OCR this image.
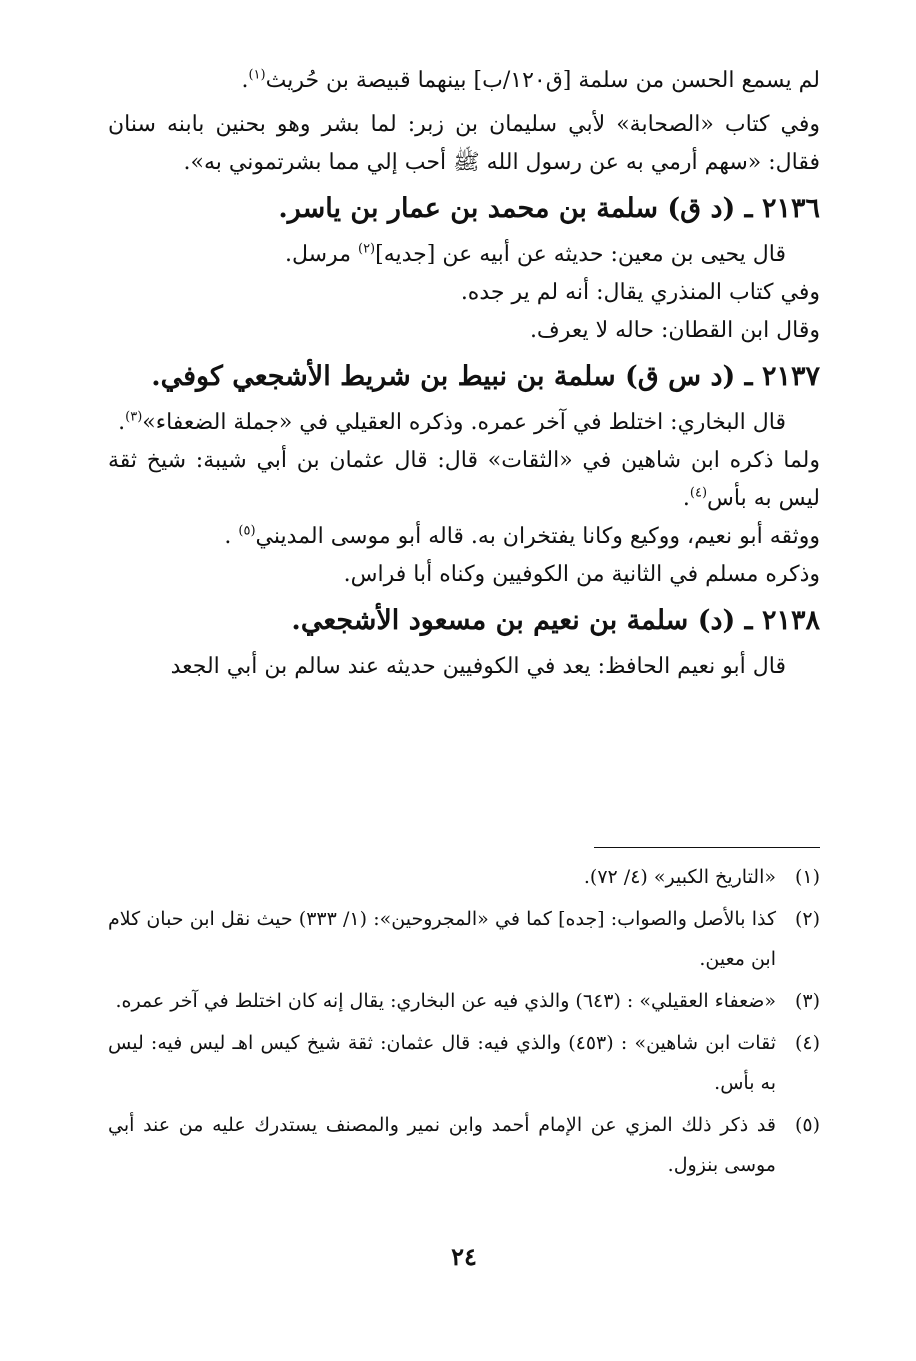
لم يسمع الحسن من سلمة [ق١٢٠/ب] بينهما قبيصة بن حُريث$^{(١)}$.

وفي كتاب «الصحابة» لأبي سليمان بن زبر: لما بشر وهو بحنين بابنه سنان فقال: «سهم أرمي به عن رسول الله ﷺ أحب إلي مما بشرتموني به».

٢١٣٦ ـ (د ق) سلمة بن محمد بن عمار بن ياسر.

قال يحيى بن معين: حديثه عن أبيه عن [جديه]$^{(٢)}$ مرسل.

وفي كتاب المنذري يقال: أنه لم ير جده.

وقال ابن القطان: حاله لا يعرف.

٢١٣٧ ـ (د س ق) سلمة بن نبيط بن شريط الأشجعي كوفي.

قال البخاري: اختلط في آخر عمره. وذكره العقيلي في «جملة الضعفاء»$^{(٣)}$.

ولما ذكره ابن شاهين في «الثقات» قال: قال عثمان بن أبي شيبة: شيخ ثقة ليس به بأس$^{(٤)}$.

ووثقه أبو نعيم، ووكيع وكانا يفتخران به. قاله أبو موسى المديني$^{(٥)}$ .

وذكره مسلم في الثانية من الكوفيين وكناه أبا فراس.

٢١٣٨ ـ (د) سلمة بن نعيم بن مسعود الأشجعي.

قال أبو نعيم الحافظ: يعد في الكوفيين حديثه عند سالم بن أبي الجعد

(١)
«التاريخ الكبير» (٤/ ٧٢).
(٢)
كذا بالأصل والصواب: [جده] كما في «المجروحين»: (١/ ٣٣٣) حيث نقل ابن حبان كلام ابن معين.
(٣)
«ضعفاء العقيلي» : (٦٤٣) والذي فيه عن البخاري: يقال إنه كان اختلط في آخر عمره.
(٤)
ثقات ابن شاهين» : (٤٥٣) والذي فيه: قال عثمان: ثقة شيخ كيس اهـ ليس فيه: ليس به بأس.
(٥)
قد ذكر ذلك المزي عن الإمام أحمد وابن نمير والمصنف يستدرك عليه من عند أبي موسى بنزول.
٢٤
